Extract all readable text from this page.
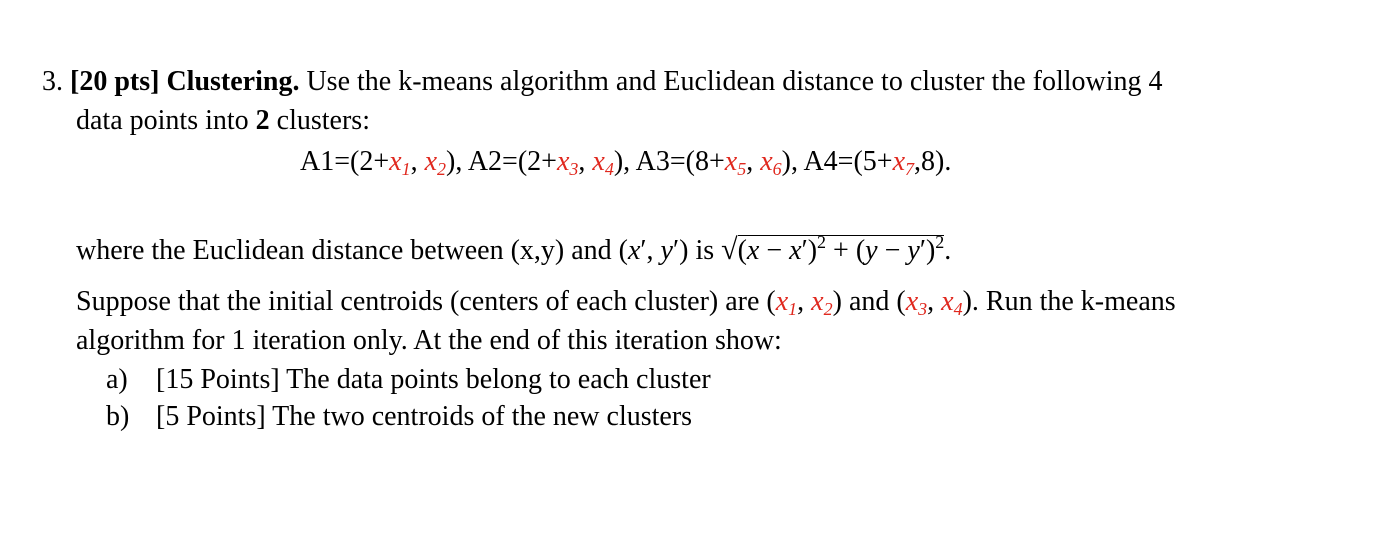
3. [20 pts] Clustering. Use the k-means algorithm and Euclidean distance to cluster the following 4
data points into 2 clusters:
$A1=(2+x_1$, $x_2$), $A2=(2+x_3$, $x_4$), $A3=(8+x_5$, $x_6$), $A4=(5+x_7,8)$.
where the Euclidean distance between (x,y) and (x′, y′) is $√(x - x')^2 + (y - y')^2$.
Suppose that the initial centroids (centers of each cluster) are ($x_1$, $x_2$) and ($x_3$, $x_4$). Run the k-means
algorithm for 1 iteration only. At the end of this iteration show:
a) [15 Points] The data points belong to each cluster
b) [5 Points] The two centroids of the new clusters
